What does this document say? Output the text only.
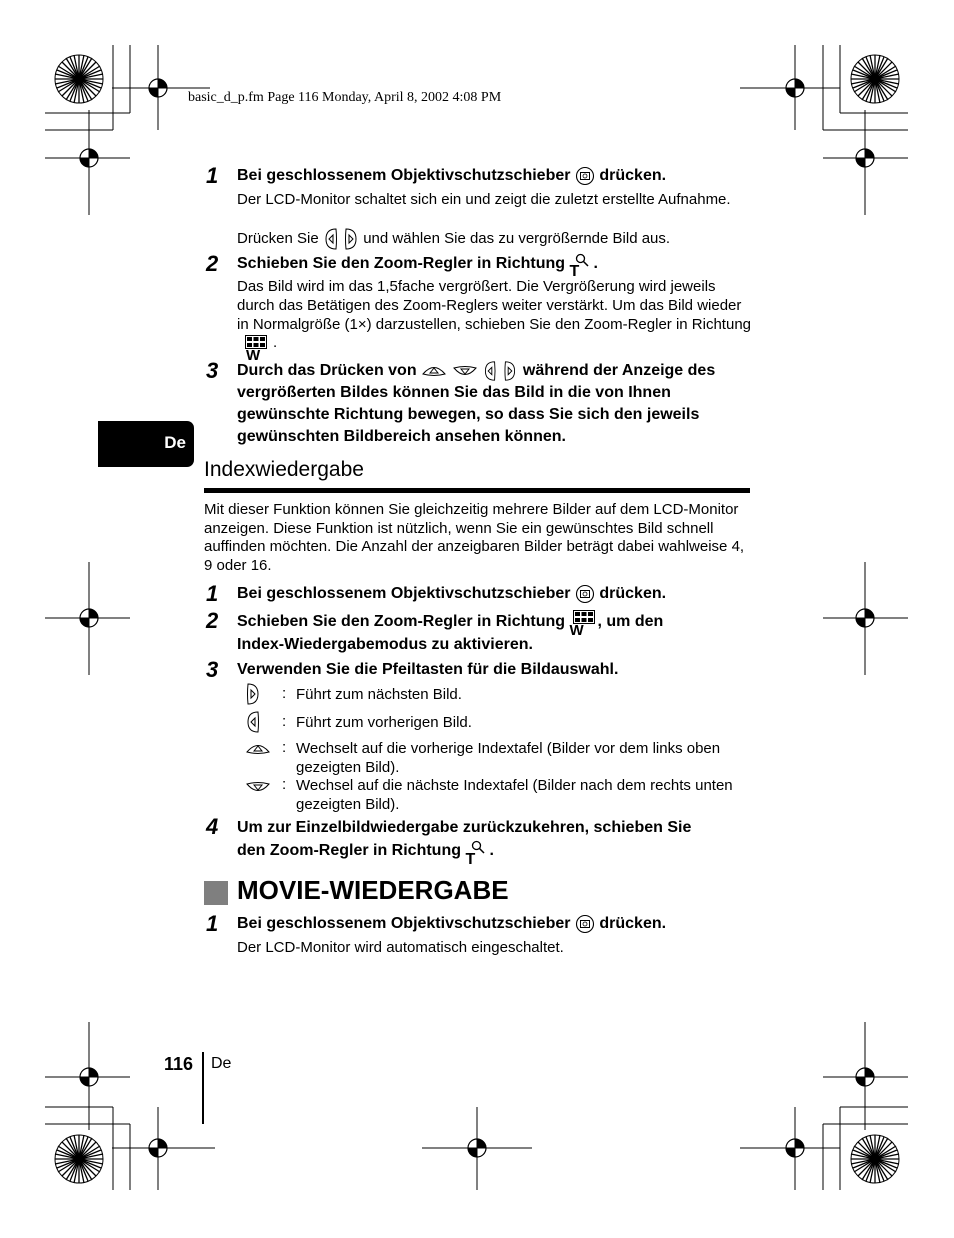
basic_d_p.fm Page 116 Monday, April 8, 2002 4:08 PM
1 Bei geschlossenem Objektivschutzschieber drücken.
Der LCD-Monitor schaltet sich ein und zeigt die zuletzt erstellte Aufnahme.
Drücken Sie	und wählen Sie das zu vergrößernde Bild aus.
2 Schieben Sie den Zoom-Regler in Richtung T .
Das Bild wird im das 1,5fache vergrößert. Die Vergrößerung wird jeweils durch das Betätigen des Zoom-Reglers weiter verstärkt. Um das Bild wieder in Normalgröße (1×) darzustellen, schieben Sie den Zoom-Regler in Richtung
W
.
3 Durch das Drücken von	während der Anzeige des vergrößerten Bildes können Sie das Bild in die von Ihnen gewünschte Richtung bewegen, so dass Sie sich den jeweils gewünschten Bildbereich ansehen können.
De
Indexwiedergabe
Mit dieser Funktion können Sie gleichzeitig mehrere Bilder auf dem LCD-Monitor anzeigen. Diese Funktion ist nützlich, wenn Sie ein gewünschtes Bild schnell auffinden möchten. Die Anzahl der anzeigbaren Bilder beträgt dabei wahlweise 4, 9 oder 16.
1 Bei geschlossenem Objektivschutzschieber drücken.
2 Schieben Sie den Zoom-Regler in Richtung
W
, um den
Index-Wiedergabemodus zu aktivieren.
3 Verwenden Sie die Pfeiltasten für die Bildauswahl.
: Führt zum nächsten Bild.
: Führt zum vorherigen Bild.
: Wechselt auf die vorherige Indextafel (Bilder vor dem links oben gezeigten Bild).
: Wechsel auf die nächste Indextafel (Bilder nach dem rechts unten gezeigten Bild).
4 Um zur Einzelbildwiedergabe zurückzukehren, schieben Sie
den Zoom-Regler in Richtung
T
.
MOVIE-WIEDERGABE
1 Bei geschlossenem Objektivschutzschieber drücken.
Der LCD-Monitor wird automatisch eingeschaltet.
116 De
